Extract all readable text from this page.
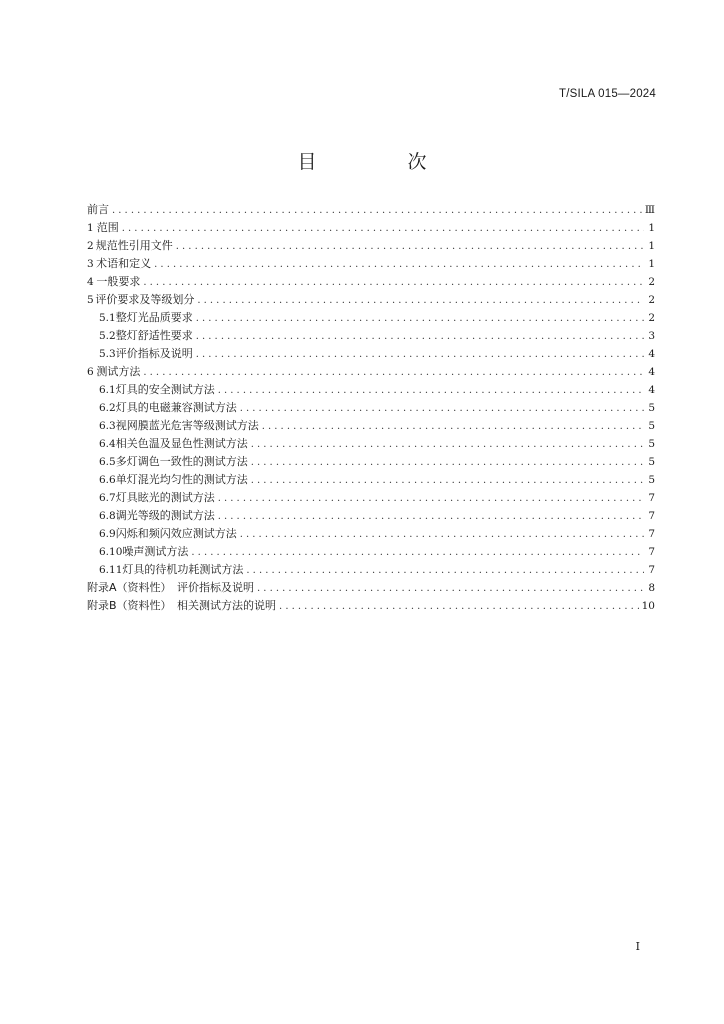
T/SILA 015—2024
目　次
前言 .....	Ⅲ
1 范围 .....	1
2 规范性引用文件 .....	1
3 术语和定义 .....	1
4 一般要求 .....	2
5 评价要求及等级划分 .....	2
5.1 整灯光品质要求 .....	2
5.2 整灯舒适性要求 .....	3
5.3 评价指标及说明 .....	4
6 测试方法 .....	4
6.1 灯具的安全测试方法 .....	4
6.2 灯具的电磁兼容测试方法 .....	5
6.3 视网膜蓝光危害等级测试方法 .....	5
6.4 相关色温及显色性测试方法 .....	5
6.5 多灯调色一致性的测试方法 .....	5
6.6 单灯混光均匀性的测试方法 .....	5
6.7 灯具眩光的测试方法 .....	7
6.8 调光等级的测试方法 .....	7
6.9 闪烁和频闪效应测试方法 .....	7
6.10 噪声测试方法 .....	7
6.11 灯具的待机功耗测试方法 .....	7
附录A（资料性）　评价指标及说明 .....	8
附录B（资料性）　相关测试方法的说明 .....	10
I
